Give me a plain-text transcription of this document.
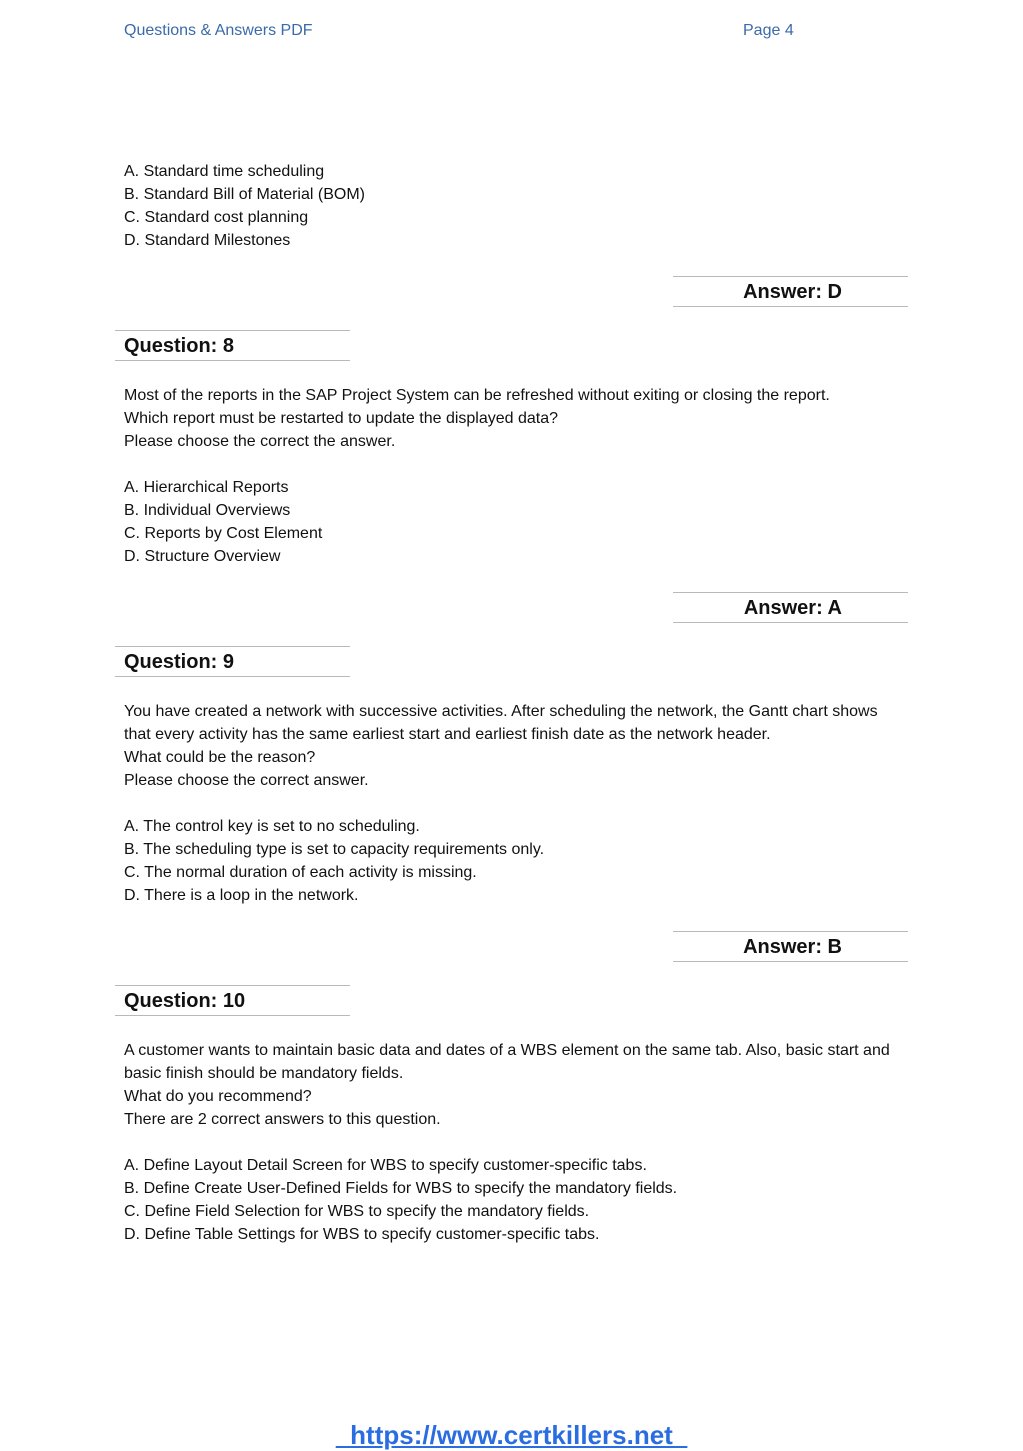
Questions & Answers PDF	Page 4
A. Standard time scheduling
B. Standard Bill of Material (BOM)
C. Standard cost planning
D. Standard Milestones
Answer: D
Question: 8
Most of the reports in the SAP Project System can be refreshed without exiting or closing the report.
Which report must be restarted to update the displayed data?
Please choose the correct the answer.
A. Hierarchical Reports
B. Individual Overviews
C. Reports by Cost Element
D. Structure Overview
Answer: A
Question: 9
You have created a network with successive activities. After scheduling the network, the Gantt chart shows that every activity has the same earliest start and earliest finish date as the network header.
What could be the reason?
Please choose the correct answer.
A. The control key is set to no scheduling.
B. The scheduling type is set to capacity requirements only.
C. The normal duration of each activity is missing.
D. There is a loop in the network.
Answer: B
Question: 10
A customer wants to maintain basic data and dates of a WBS element on the same tab. Also, basic start and basic finish should be mandatory fields.
What do you recommend?
There are 2 correct answers to this question.
A. Define Layout Detail Screen for WBS to specify customer-specific tabs.
B. Define Create User-Defined Fields for WBS to specify the mandatory fields.
C. Define Field Selection for WBS to specify the mandatory fields.
D. Define Table Settings for WBS to specify customer-specific tabs.

https://www.certkillers.net
